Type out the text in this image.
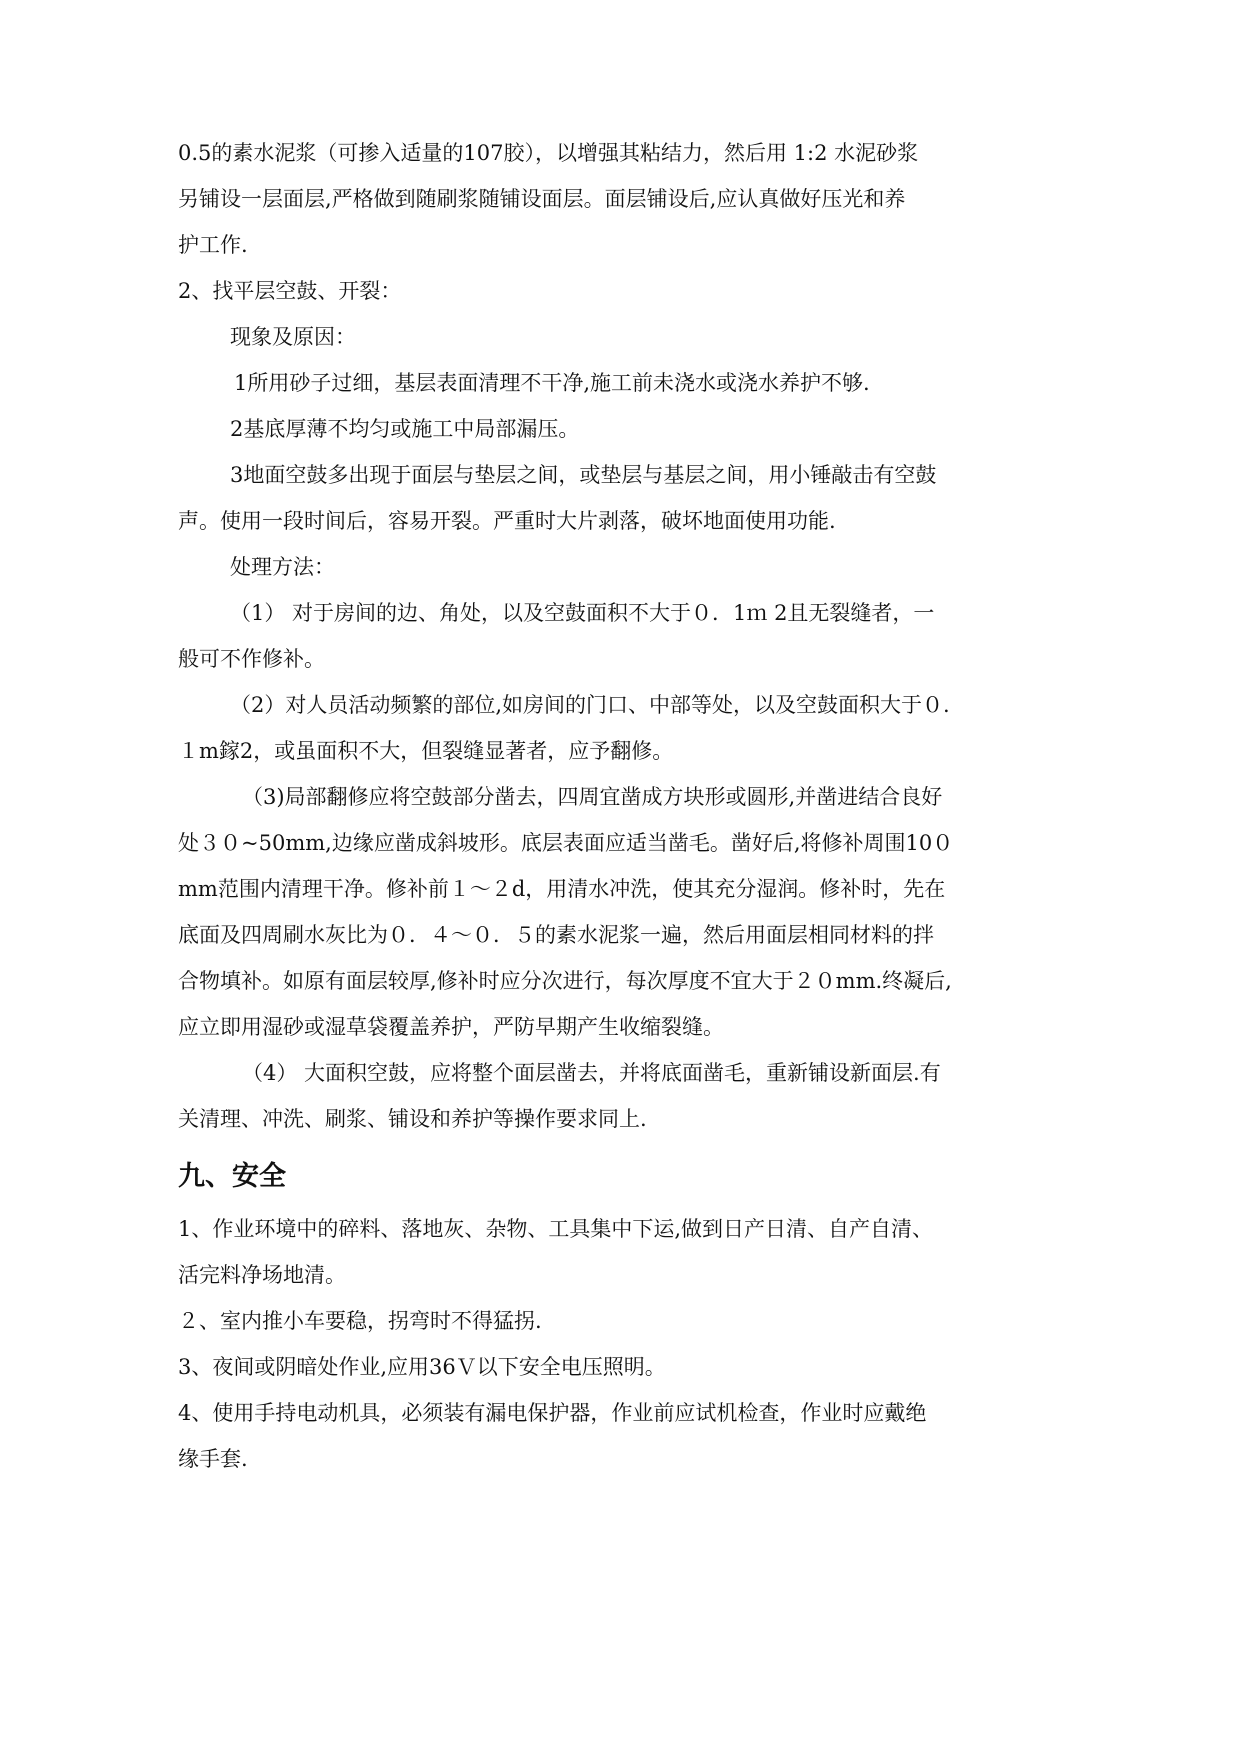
0.5的素水泥浆（可掺入适量的107胶），以增强其粘结力，然后用 1:2 水泥砂浆
另铺设一层面层,严格做到随刷浆随铺设面层。面层铺设后,应认真做好压光和养
护工作.
2、找平层空鼓、开裂：
现象及原因：
1所用砂子过细，基层表面清理不干净,施工前未浇水或浇水养护不够.
2基底厚薄不均匀或施工中局部漏压。
3地面空鼓多出现于面层与垫层之间，或垫层与基层之间，用小锤敲击有空鼓
声。使用一段时间后，容易开裂。严重时大片剥落，破坏地面使用功能.
处理方法：
（1） 对于房间的边、角处，以及空鼓面积不大于０．1ｍ 2且无裂缝者，一
般可不作修补。
（2）对人员活动频繁的部位,如房间的门口、中部等处，以及空鼓面积大于０.
１m鎵2，或虽面积不大，但裂缝显著者，应予翻修。
（3)局部翻修应将空鼓部分凿去，四周宜凿成方块形或圆形,并凿进结合良好
处３０~50mm,边缘应凿成斜坡形。底层表面应适当凿毛。凿好后,将修补周围10０
mm范围内清理干净。修补前１～２d，用清水冲洗，使其充分湿润。修补时，先在
底面及四周刷水灰比为０．４～０．５的素水泥浆一遍，然后用面层相同材料的拌
合物填补。如原有面层较厚,修补时应分次进行，每次厚度不宜大于２０mm.终凝后,
应立即用湿砂或湿草袋覆盖养护，严防早期产生收缩裂缝。
（4） 大面积空鼓，应将整个面层凿去，并将底面凿毛，重新铺设新面层.有
关清理、冲洗、刷浆、铺设和养护等操作要求同上.
九、安全
1、作业环境中的碎料、落地灰、杂物、工具集中下运,做到日产日清、自产自清、
活完料净场地清。
２、室内推小车要稳，拐弯时不得猛拐.
3、夜间或阴暗处作业,应用36Ｖ以下安全电压照明。
4、使用手持电动机具，必须装有漏电保护器，作业前应试机检查，作业时应戴绝
缘手套.
